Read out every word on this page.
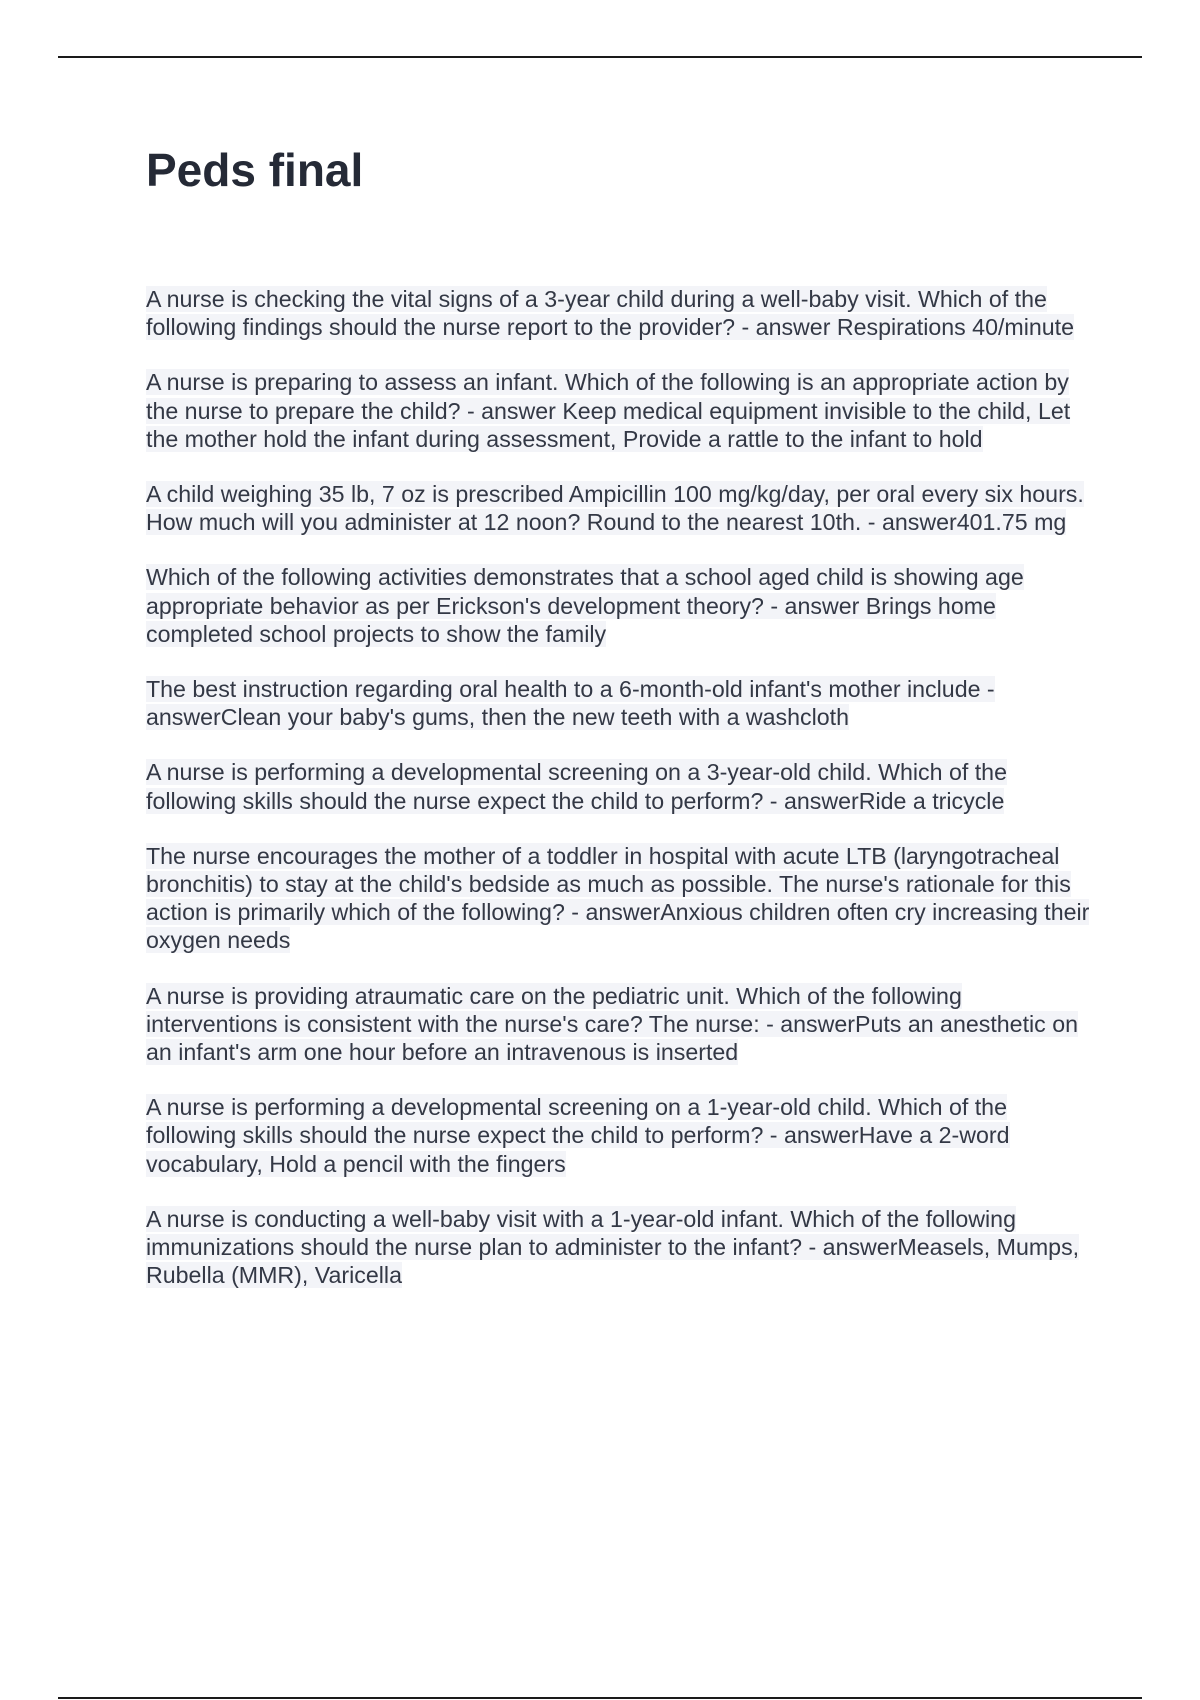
Peds final

A nurse is checking the vital signs of a 3-year child during a well-baby visit. Which of the following findings should the nurse report to the provider? - answer Respirations 40/minute

A nurse is preparing to assess an infant. Which of the following is an appropriate action by the nurse to prepare the child? - answer Keep medical equipment invisible to the child, Let the mother hold the infant during assessment, Provide a rattle to the infant to hold

A child weighing 35 lb, 7 oz is prescribed Ampicillin 100 mg/kg/day, per oral every six hours. How much will you administer at 12 noon? Round to the nearest 10th. - answer401.75 mg

Which of the following activities demonstrates that a school aged child is showing age appropriate behavior as per Erickson's development theory? - answer Brings home completed school projects to show the family

The best instruction regarding oral health to a 6-month-old infant's mother include - answerClean your baby's gums, then the new teeth with a washcloth

A nurse is performing a developmental screening on a 3-year-old child. Which of the following skills should the nurse expect the child to perform? - answerRide a tricycle

The nurse encourages the mother of a toddler in hospital with acute LTB (laryngotracheal bronchitis) to stay at the child's bedside as much as possible. The nurse's rationale for this action is primarily which of the following? - answerAnxious children often cry increasing their oxygen needs

A nurse is providing atraumatic care on the pediatric unit. Which of the following interventions is consistent with the nurse's care? The nurse: - answerPuts an anesthetic on an infant's arm one hour before an intravenous is inserted

A nurse is performing a developmental screening on a 1-year-old child. Which of the following skills should the nurse expect the child to perform? - answerHave a 2-word vocabulary, Hold a pencil with the fingers

A nurse is conducting a well-baby visit with a 1-year-old infant. Which of the following immunizations should the nurse plan to administer to the infant? - answerMeasels, Mumps, Rubella (MMR), Varicella
